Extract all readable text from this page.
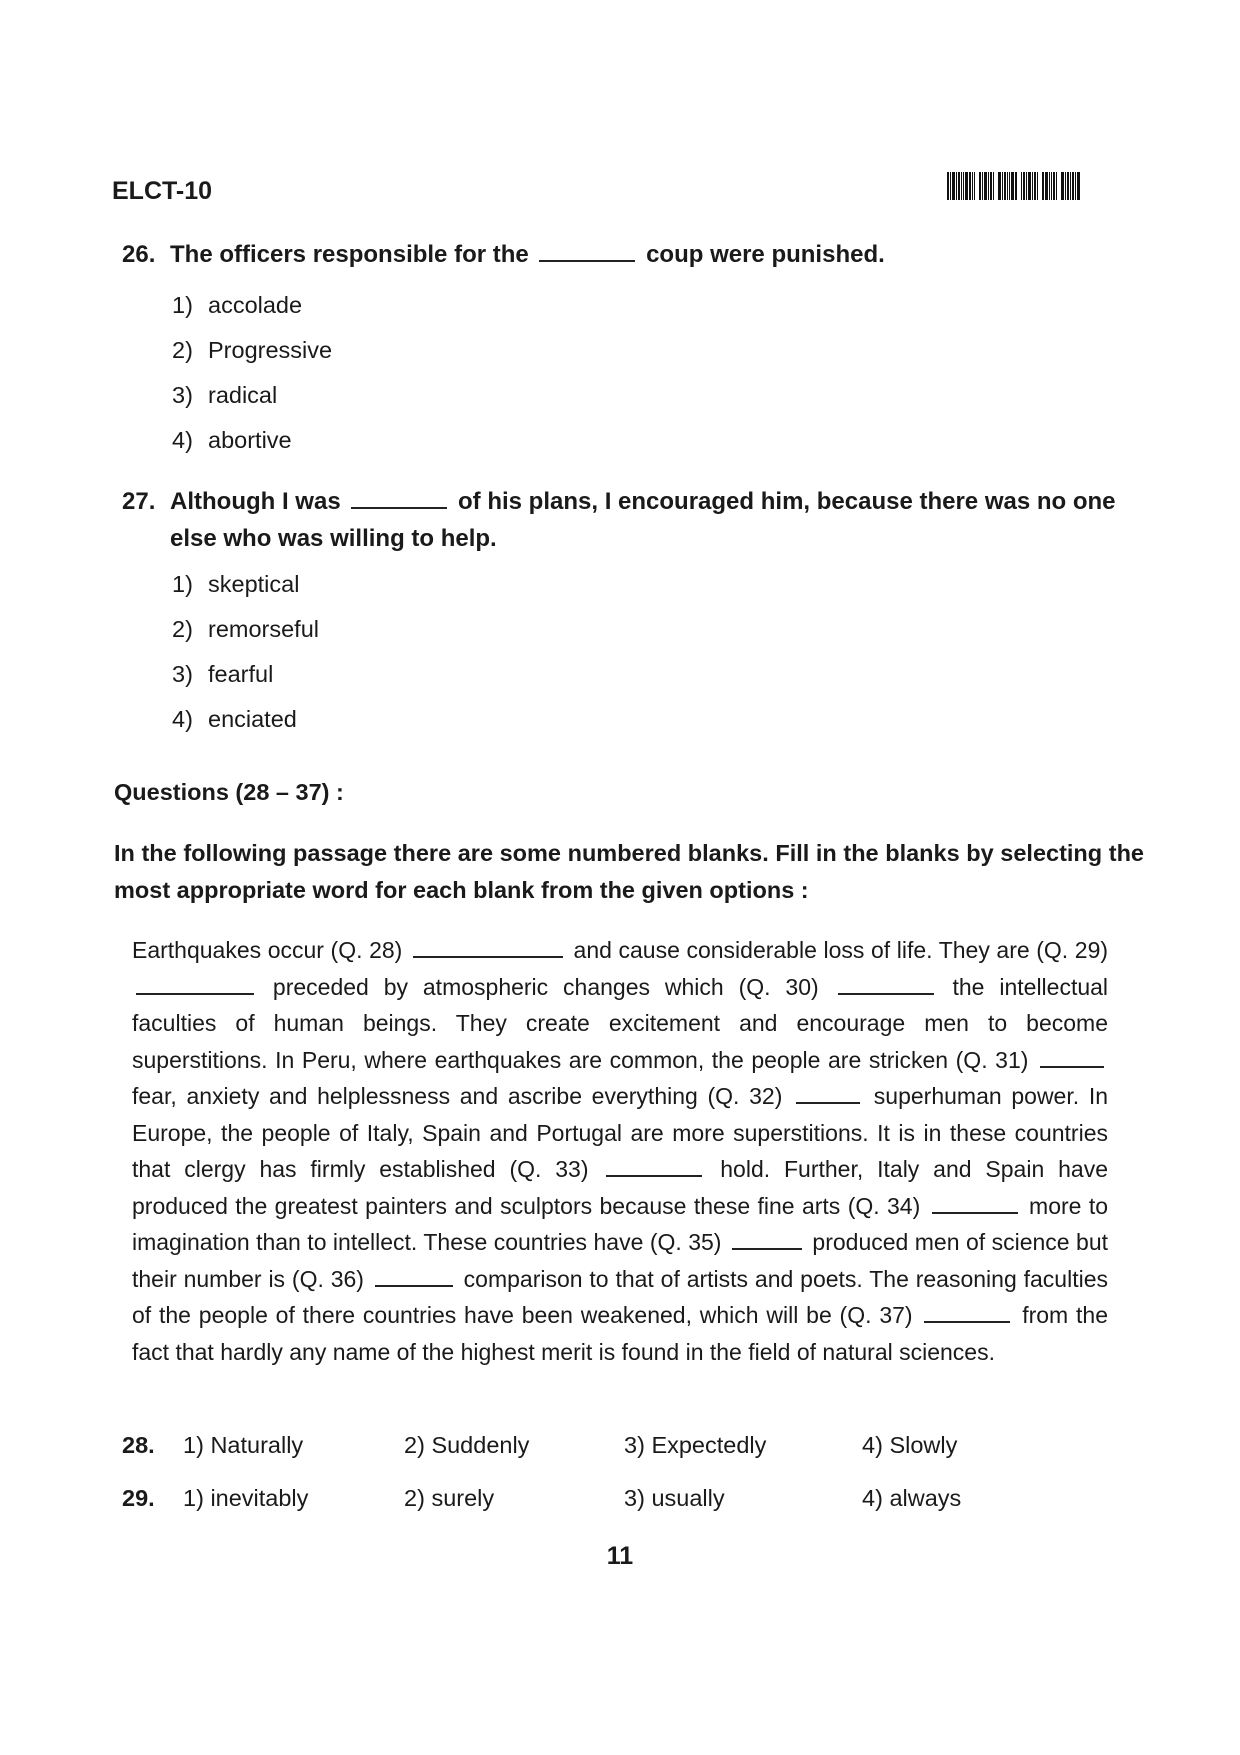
ELCT-10
26. The officers responsible for the	coup were punished.
1) accolade
2) Progressive
3) radical
4) abortive
27. Although I was	of his plans, I encouraged him, because there was no one else who was willing to help.
1) skeptical
2) remorseful
3) fearful
4) enciated
Questions (28 – 37) :
In the following passage there are some numbered blanks. Fill in the blanks by selecting the most appropriate word for each blank from the given options :
Earthquakes occur (Q. 28)	and cause considerable loss of life. They are (Q. 29)  preceded by atmospheric changes which (Q. 30)	the intellectual faculties of human beings. They create excitement and encourage men to become superstitions. In Peru, where earthquakes are common, the people are stricken (Q. 31)  fear, anxiety and helplessness and ascribe everything (Q. 32)	superhuman power. In Europe, the people of Italy, Spain and Portugal are more superstitions. It is in these countries that clergy has firmly established (Q. 33)	hold. Further, Italy and Spain have produced the greatest painters and sculptors because these fine arts (Q. 34)	more to imagination than to intellect. These countries have (Q. 35)	produced men of science but their number is (Q. 36)	comparison to that of artists and poets. The reasoning faculties of the people of there countries have been weakened, which will be (Q. 37)	from the fact that hardly any name of the highest merit is found in the field of natural sciences.
28. 1) Naturally	2) Suddenly	3) Expectedly	4) Slowly
29. 1) inevitably	2) surely	3) usually	4) always
11
